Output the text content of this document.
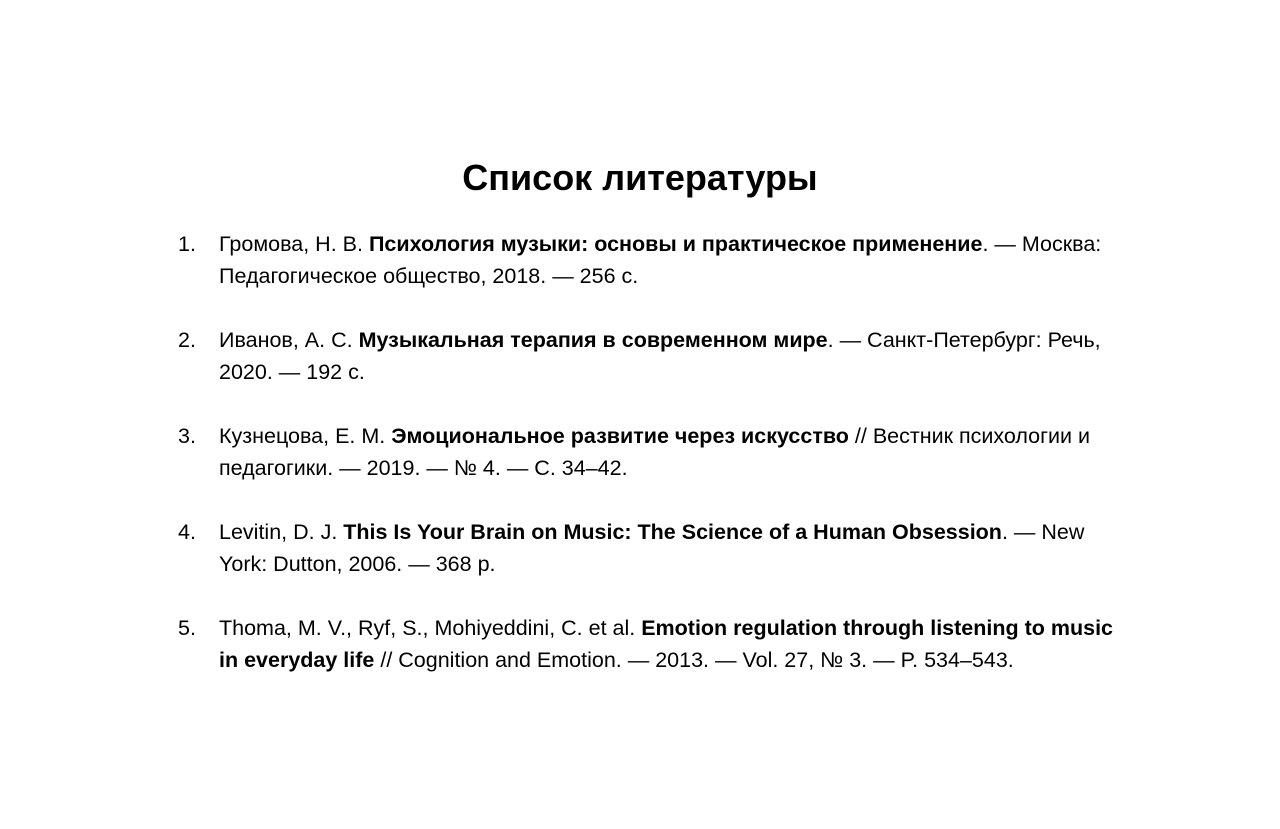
Список литературы
1. Громова, Н. В. Психология музыки: основы и практическое применение. — Москва: Педагогическое общество, 2018. — 256 с.
2. Иванов, А. С. Музыкальная терапия в современном мире. — Санкт-Петербург: Речь, 2020. — 192 с.
3. Кузнецова, Е. М. Эмоциональное развитие через искусство // Вестник психологии и педагогики. — 2019. — № 4. — С. 34–42.
4. Levitin, D. J. This Is Your Brain on Music: The Science of a Human Obsession. — New York: Dutton, 2006. — 368 p.
5. Thoma, M. V., Ryf, S., Mohiyeddini, C. et al. Emotion regulation through listening to music in everyday life // Cognition and Emotion. — 2013. — Vol. 27, № 3. — P. 534–543.
